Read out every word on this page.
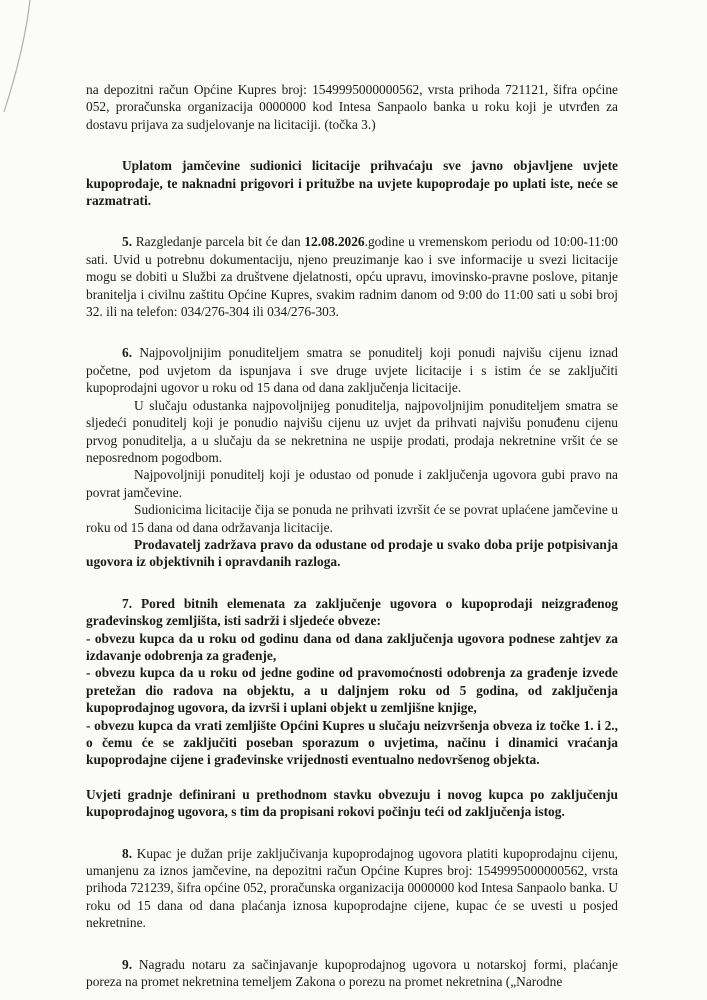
na depozitni račun Općine Kupres broj: 1549995000000562, vrsta prihoda 721121, šifra općine 052, proračunska organizacija 0000000 kod Intesa Sanpaolo banka u roku koji je utvrđen za dostavu prijava za sudjelovanje na licitaciji. (točka 3.)

Uplatom jamčevine sudionici licitacije prihvaćaju sve javno objavljene uvjete kupoprodaje, te naknadni prigovori i pritužbe na uvjete kupoprodaje po uplati iste, neće se razmatrati.

5. Razgledanje parcela bit će dan 12.08.2026.godine u vremenskom periodu od 10:00-11:00 sati. Uvid u potrebnu dokumentaciju, njeno preuzimanje kao i sve informacije u svezi licitacije mogu se dobiti u Službi za društvene djelatnosti, opću upravu, imovinsko-pravne poslove, pitanje branitelja i civilnu zaštitu Općine Kupres, svakim radnim danom od 9:00 do 11:00 sati u sobi broj 32. ili na telefon: 034/276-304 ili 034/276-303.

6. Najpovoljnijim ponuditeljem smatra se ponuditelj koji ponudi najvišu cijenu iznad početne, pod uvjetom da ispunjava i sve druge uvjete licitacije i s istim će se zaključiti kupoprodajni ugovor u roku od 15 dana od dana zaključenja licitacije.

U slučaju odustanka najpovoljnijeg ponuditelja, najpovoljnijim ponuditeljem smatra se sljedeći ponuditelj koji je ponudio najvišu cijenu uz uvjet da prihvati najvišu ponuđenu cijenu prvog ponuditelja, a u slučaju da se nekretnina ne uspije prodati, prodaja nekretnine vršit će se neposrednom pogodbom.

Najpovoljniji ponuditelj koji je odustao od ponude i zaključenja ugovora gubi pravo na povrat jamčevine.

Sudionicima licitacije čija se ponuda ne prihvati izvršit će se povrat uplaćene jamčevine u roku od 15 dana od dana održavanja licitacije.

Prodavatelj zadržava pravo da odustane od prodaje u svako doba prije potpisivanja ugovora iz objektivnih i opravdanih razloga.

7. Pored bitnih elemenata za zaključenje ugovora o kupoprodaji neizgrađenog građevinskog zemljišta, isti sadrži i sljedeće obveze:

- obvezu kupca da u roku od godinu dana od dana zaključenja ugovora podnese zahtjev za izdavanje odobrenja za građenje,

- obvezu kupca da u roku od jedne godine od pravomoćnosti odobrenja za građenje izvede pretežan dio radova na objektu, a u daljnjem roku od 5 godina, od zaključenja kupoprodajnog ugovora, da izvrši i uplani objekt u zemljišne knjige,

- obvezu kupca da vrati zemljište Općini Kupres u slučaju neizvršenja obveza iz točke 1. i 2., o čemu će se zaključiti poseban sporazum o uvjetima, načinu i dinamici vraćanja kupoprodajne cijene i građevinske vrijednosti eventualno nedovršenog objekta.

Uvjeti gradnje definirani u prethodnom stavku obvezuju i novog kupca po zaključenju kupoprodajnog ugovora, s tim da propisani rokovi počinju teći od zaključenja istog.

8. Kupac je dužan prije zaključivanja kupoprodajnog ugovora platiti kupoprodajnu cijenu, umanjenu za iznos jamčevine, na depozitni račun Općine Kupres broj: 1549995000000562, vrsta prihoda 721239, šifra općine 052, proračunska organizacija 0000000 kod Intesa Sanpaolo banka. U roku od 15 dana od dana plaćanja iznosa kupoprodajne cijene, kupac će se uvesti u posjed nekretnine.

9. Nagradu notaru za sačinjavanje kupoprodajnog ugovora u notarskoj formi, plaćanje poreza na promet nekretnina temeljem Zakona o porezu na promet nekretnina („Narodne
